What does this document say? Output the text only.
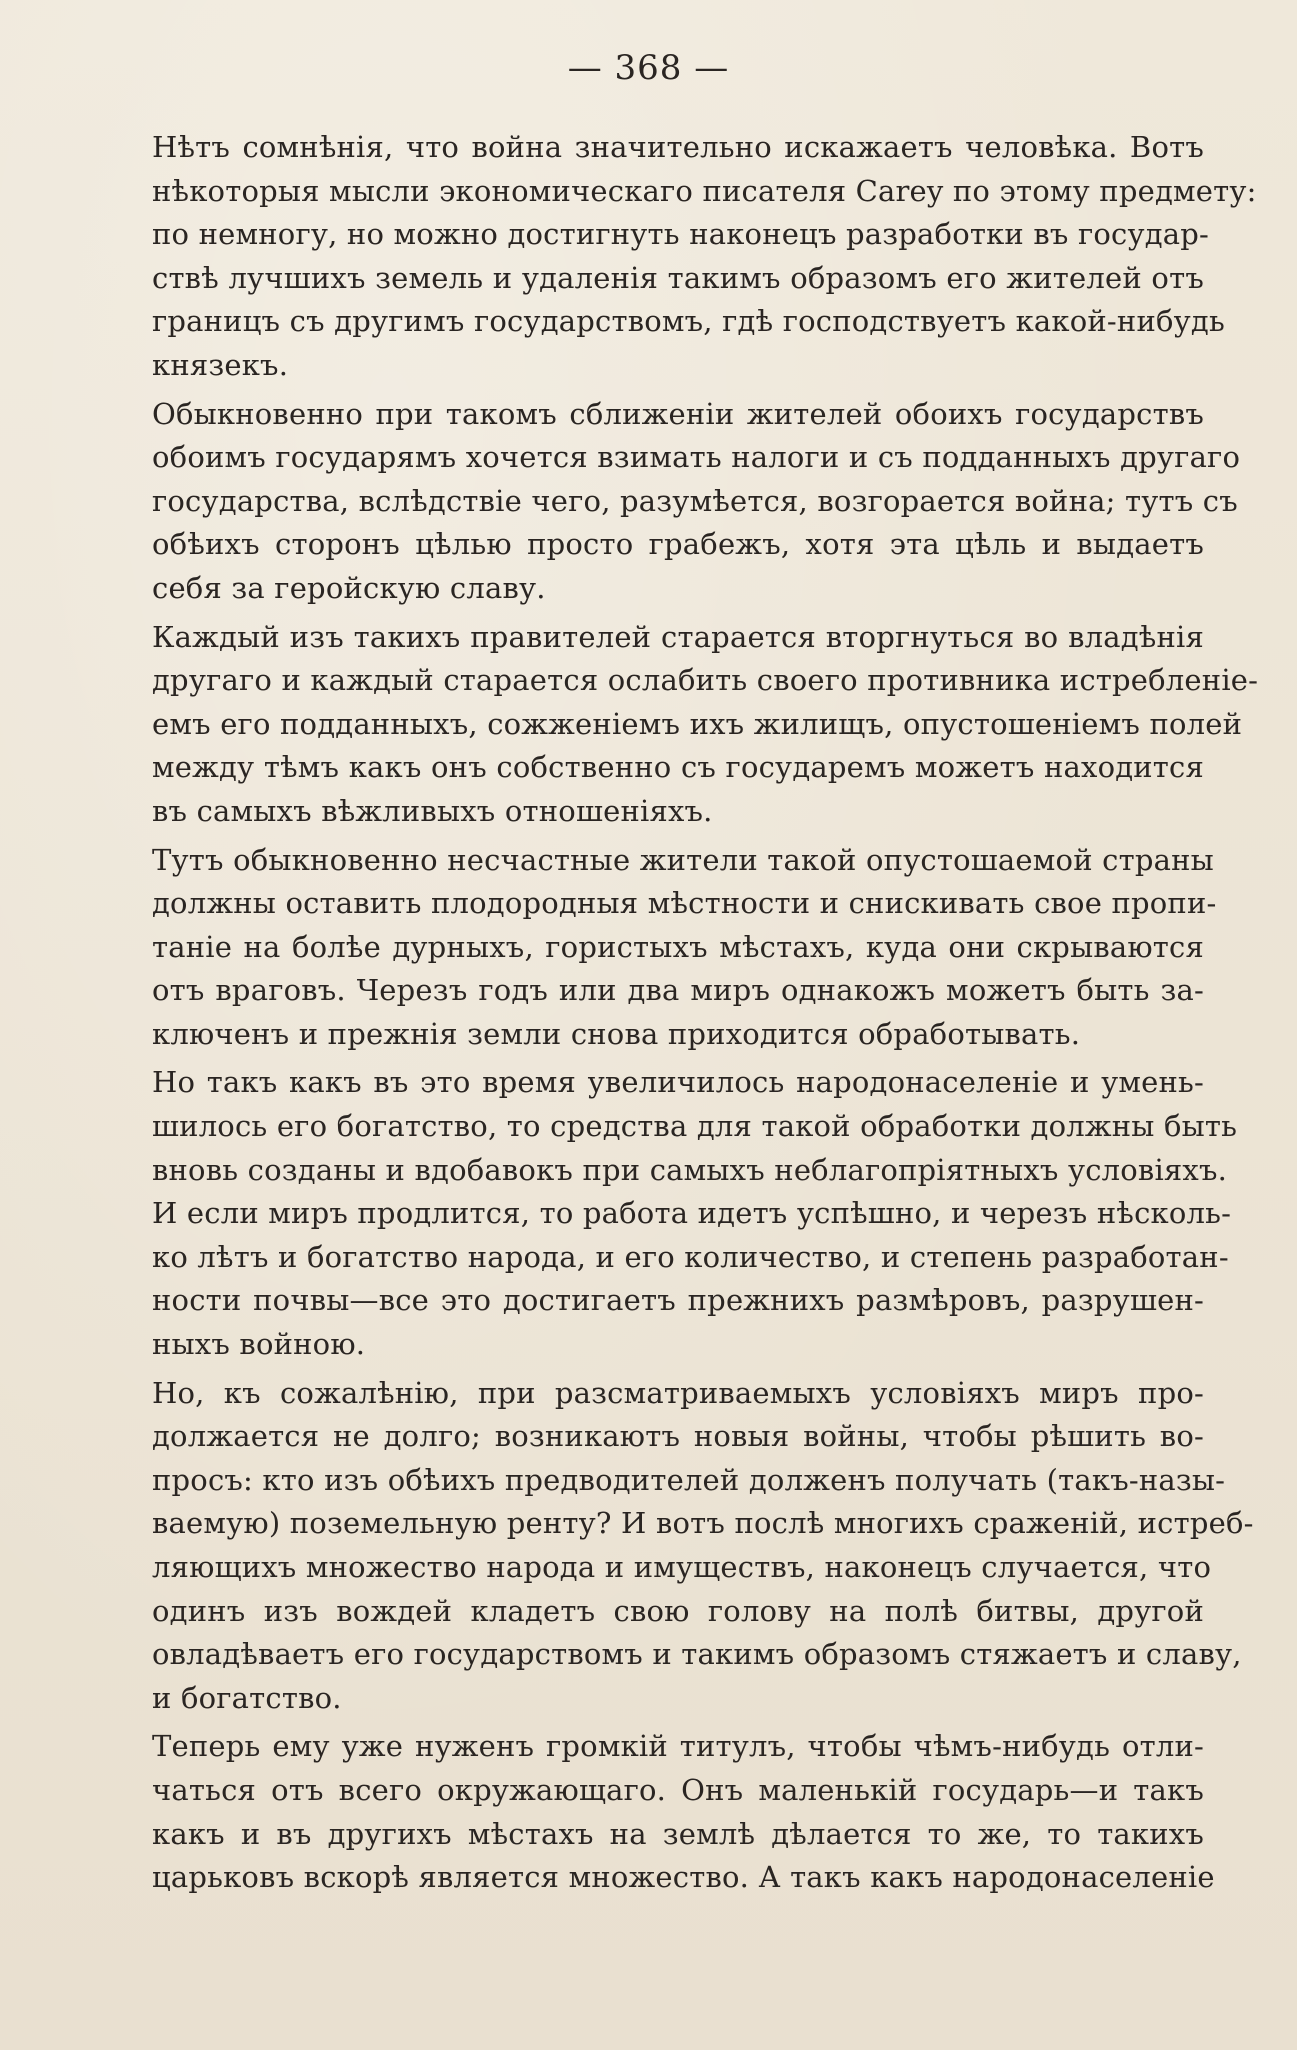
— 368 —
Нѣтъ сомнѣнія, что война значительно искажаетъ человѣка. Вотъ
нѣкоторыя мысли экономическаго писателя Carey по этому предмету:
по немногу, но можно достигнуть наконецъ разработки въ государ-
ствѣ лучшихъ земель и удаленія такимъ образомъ его жителей отъ
границъ съ другимъ государствомъ, гдѣ господствуетъ какой-нибудь
князекъ.
Обыкновенно при такомъ сближеніи жителей обоихъ государствъ
обоимъ государямъ хочется взимать налоги и съ подданныхъ другаго
государства, вслѣдствіе чего, разумѣется, возгорается война; тутъ съ
обѣихъ сторонъ цѣлью просто грабежъ, хотя эта цѣль и выдаетъ
себя за геройскую славу.
Каждый изъ такихъ правителей старается вторгнуться во владѣнія
другаго и каждый старается ослабить своего противника истребленіе-
емъ его подданныхъ, сожженіемъ ихъ жилищъ, опустошеніемъ полей
между тѣмъ какъ онъ собственно съ государемъ можетъ находится
въ самыхъ вѣжливыхъ отношеніяхъ.
Тутъ обыкновенно несчастные жители такой опустошаемой страны
должны оставить плодородныя мѣстности и снискивать свое пропи-
таніе на болѣе дурныхъ, гористыхъ мѣстахъ, куда они скрываются
отъ враговъ. Черезъ годъ или два миръ однакожъ можетъ быть за-
ключенъ и прежнія земли снова приходится обработывать.
Но такъ какъ въ это время увеличилось народонаселеніе и умень-
шилось его богатство, то средства для такой обработки должны быть
вновь созданы и вдобавокъ при самыхъ неблагопріятныхъ условіяхъ.
И если миръ продлится, то работа идетъ успѣшно, и черезъ нѣсколь-
ко лѣтъ и богатство народа, и его количество, и степень разработан-
ности почвы—все это достигаетъ прежнихъ размѣровъ, разрушен-
ныхъ войною.
Но, къ сожалѣнію, при разсматриваемыхъ условіяхъ миръ про-
должается не долго; возникаютъ новыя войны, чтобы рѣшить во-
просъ: кто изъ обѣихъ предводителей долженъ получать (такъ-назы-
ваемую) поземельную ренту? И вотъ послѣ многихъ сраженій, истреб-
ляющихъ множество народа и имуществъ, наконецъ случается, что
одинъ изъ вождей кладетъ свою голову на полѣ битвы, другой
овладѣваетъ его государствомъ и такимъ образомъ стяжаетъ и славу,
и богатство.
Теперь ему уже нуженъ громкій титулъ, чтобы чѣмъ-нибудь отли-
чаться отъ всего окружающаго. Онъ маленькій государь—и такъ
какъ и въ другихъ мѣстахъ на землѣ дѣлается то же, то такихъ
царьковъ вскорѣ является множество. А такъ какъ народонаселеніе
